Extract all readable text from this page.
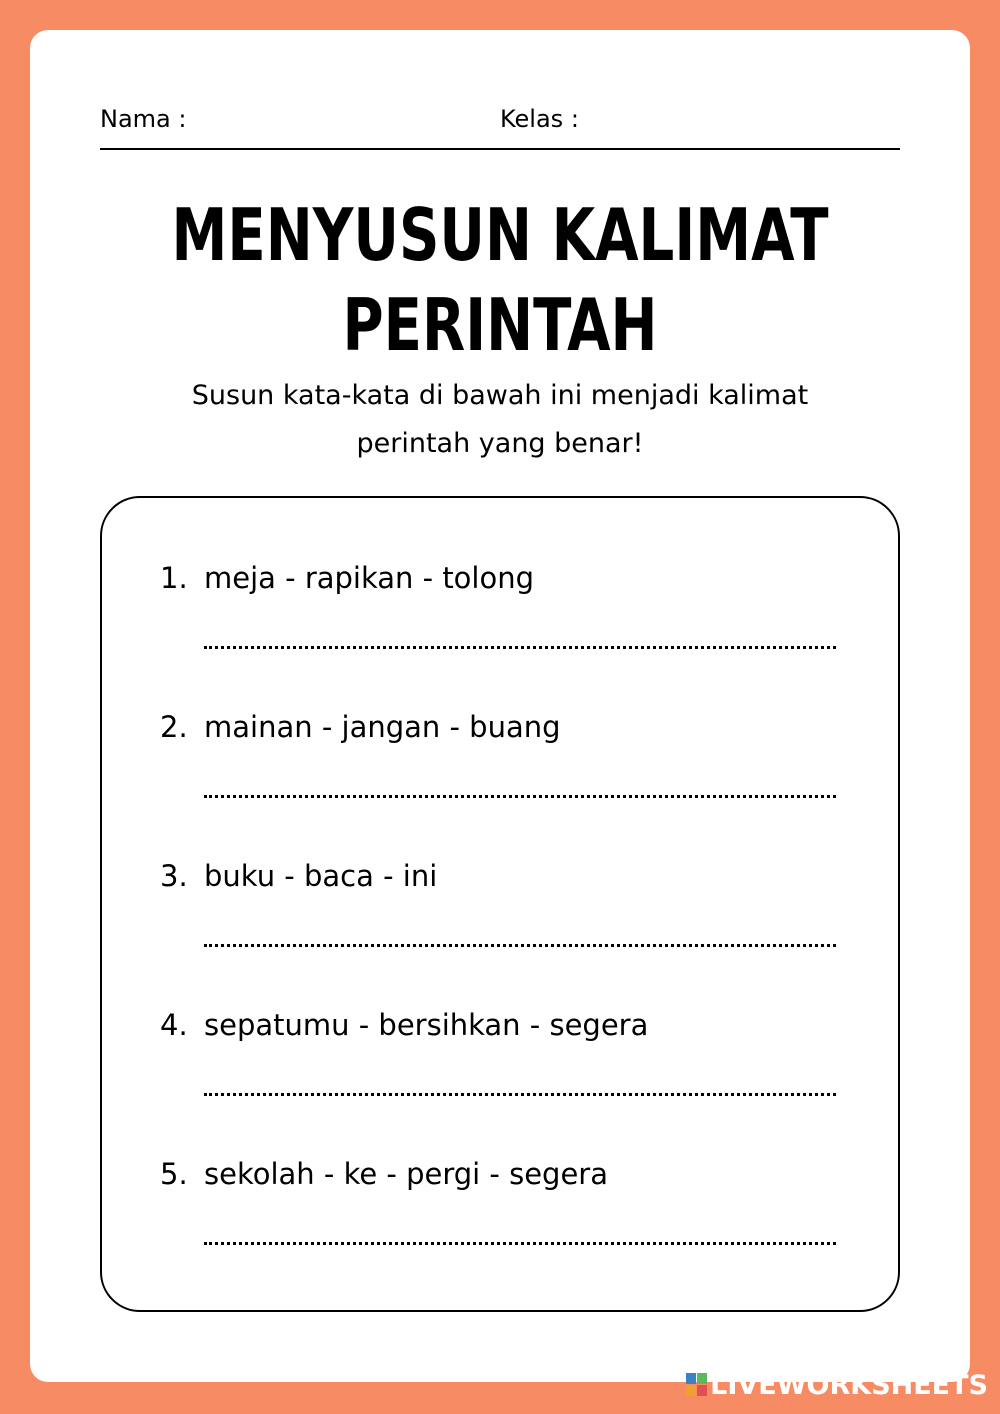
Nama :	Kelas :
MENYUSUN KALIMAT
PERINTAH
Susun kata-kata di bawah ini menjadi kalimat
perintah yang benar!
1. meja - rapikan - tolong
2. mainan - jangan - buang
3. buku - baca - ini
4. sepatumu - bersihkan - segera
5. sekolah - ke - pergi - segera
LIVEWORKSHEETS
